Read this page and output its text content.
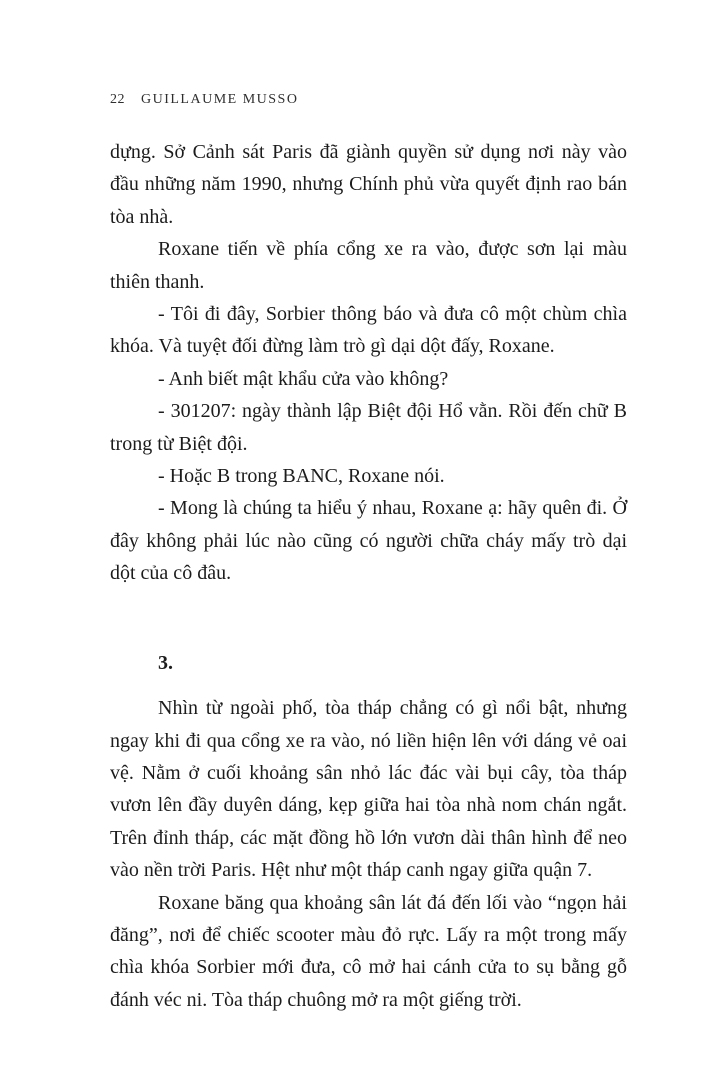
22 GUILLAUME MUSSO

dựng. Sở Cảnh sát Paris đã giành quyền sử dụng nơi này vào đầu những năm 1990, nhưng Chính phủ vừa quyết định rao bán tòa nhà.

Roxane tiến về phía cổng xe ra vào, được sơn lại màu thiên thanh.

- Tôi đi đây, Sorbier thông báo và đưa cô một chùm chìa khóa. Và tuyệt đối đừng làm trò gì dại dột đấy, Roxane.

- Anh biết mật khẩu cửa vào không?

- 301207: ngày thành lập Biệt đội Hổ vằn. Rồi đến chữ B trong từ Biệt đội.

- Hoặc B trong BANC, Roxane nói.

- Mong là chúng ta hiểu ý nhau, Roxane ạ: hãy quên đi. Ở đây không phải lúc nào cũng có người chữa cháy mấy trò dại dột của cô đâu.

3.

Nhìn từ ngoài phố, tòa tháp chẳng có gì nổi bật, nhưng ngay khi đi qua cổng xe ra vào, nó liền hiện lên với dáng vẻ oai vệ. Nằm ở cuối khoảng sân nhỏ lác đác vài bụi cây, tòa tháp vươn lên đầy duyên dáng, kẹp giữa hai tòa nhà nom chán ngắt. Trên đỉnh tháp, các mặt đồng hồ lớn vươn dài thân hình để neo vào nền trời Paris. Hệt như một tháp canh ngay giữa quận 7.

Roxane băng qua khoảng sân lát đá đến lối vào “ngọn hải đăng”, nơi để chiếc scooter màu đỏ rực. Lấy ra một trong mấy chìa khóa Sorbier mới đưa, cô mở hai cánh cửa to sụ bằng gỗ đánh véc ni. Tòa tháp chuông mở ra một giếng trời.
